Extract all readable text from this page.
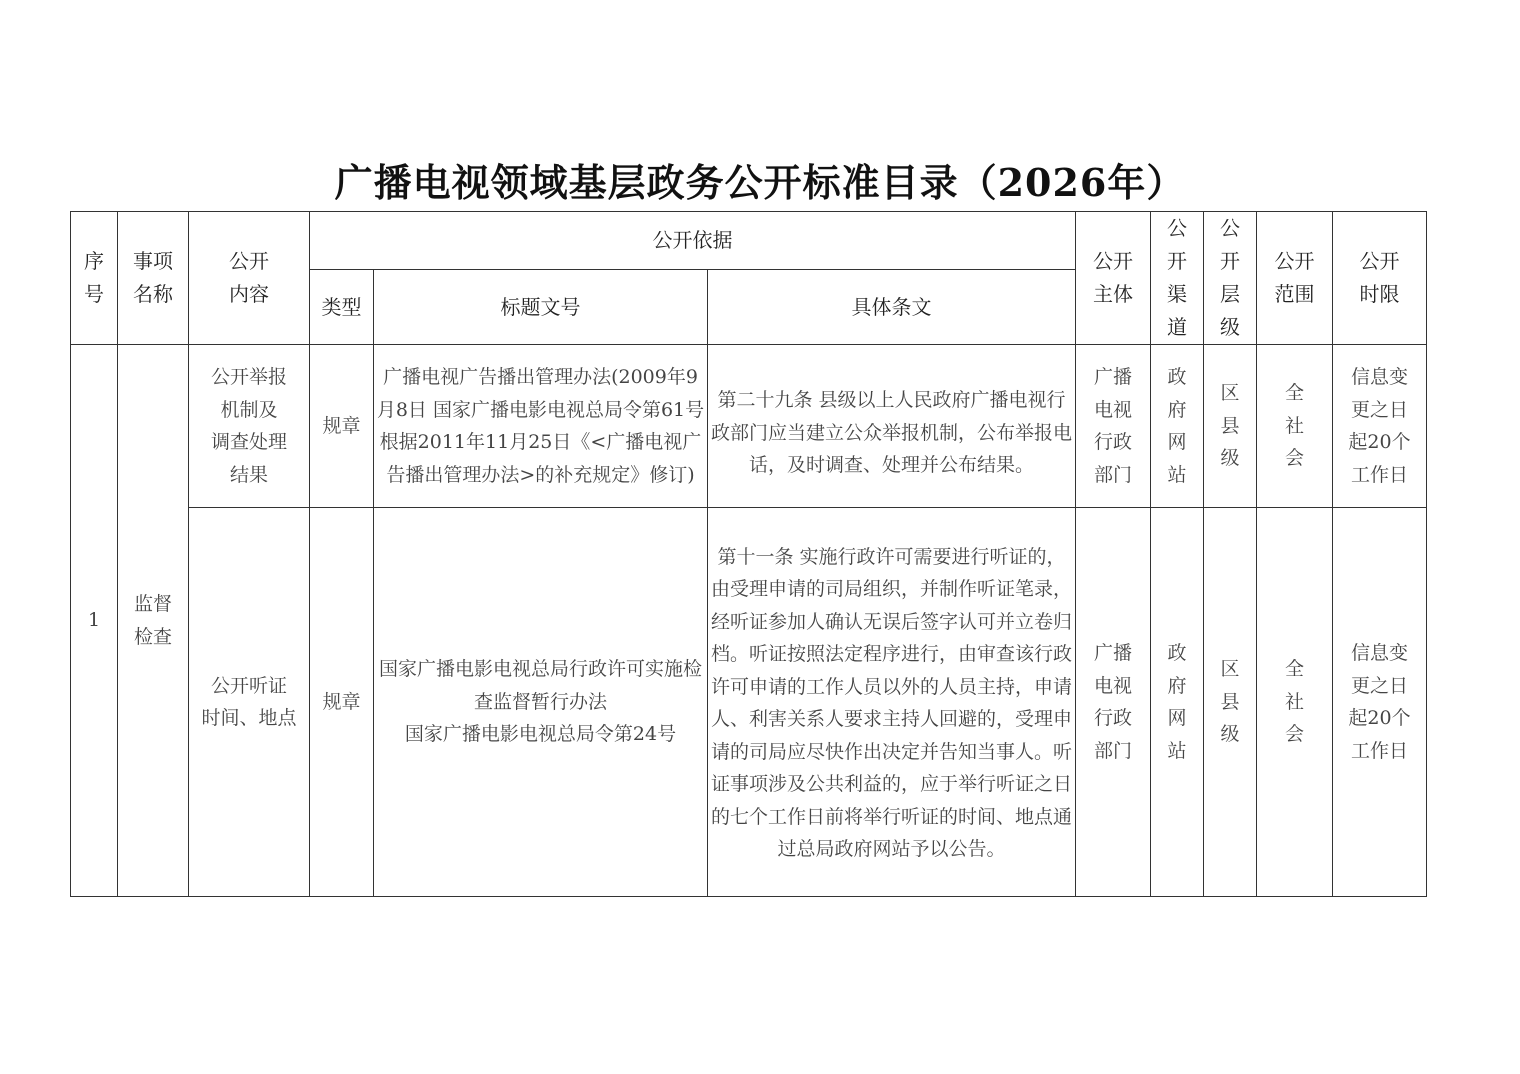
广播电视领域基层政务公开标准目录（2026年）
序
号	事项
名称	公开
内容	公开依据			公开
主体	公
开
渠
道	公
开
层
级	公开
范围	公开
时限

			类型	标题文号	具体条文					

1	监督
检查	公开举报
机制及
调查处理
结果	规章	广播电视广告播出管理办法(2009年9月8日 国家广播电影电视总局令第61号 根据2011年11月25日《<广播电视广告播出管理办法>的补充规定》修订)	第二十九条 县级以上人民政府广播电视行政部门应当建立公众举报机制，公布举报电话，及时调查、处理并公布结果。	广播
电视
行政
部门	政
府
网
站	区
县
级	全
社
会	信息变
更之日
起20个
工作日

		公开听证
时间、地点	规章	国家广播电影电视总局行政许可实施检查监督暂行办法
国家广播电影电视总局令第24号	第十一条 实施行政许可需要进行听证的，由受理申请的司局组织，并制作听证笔录，经听证参加人确认无误后签字认可并立卷归档。听证按照法定程序进行，由审查该行政许可申请的工作人员以外的人员主持，申请人、利害关系人要求主持人回避的，受理申请的司局应尽快作出决定并告知当事人。听证事项涉及公共利益的，应于举行听证之日的七个工作日前将举行听证的时间、地点通过总局政府网站予以公告。	广播
电视
行政
部门	政
府
网
站	区
县
级	全
社
会	信息变
更之日
起20个
工作日
